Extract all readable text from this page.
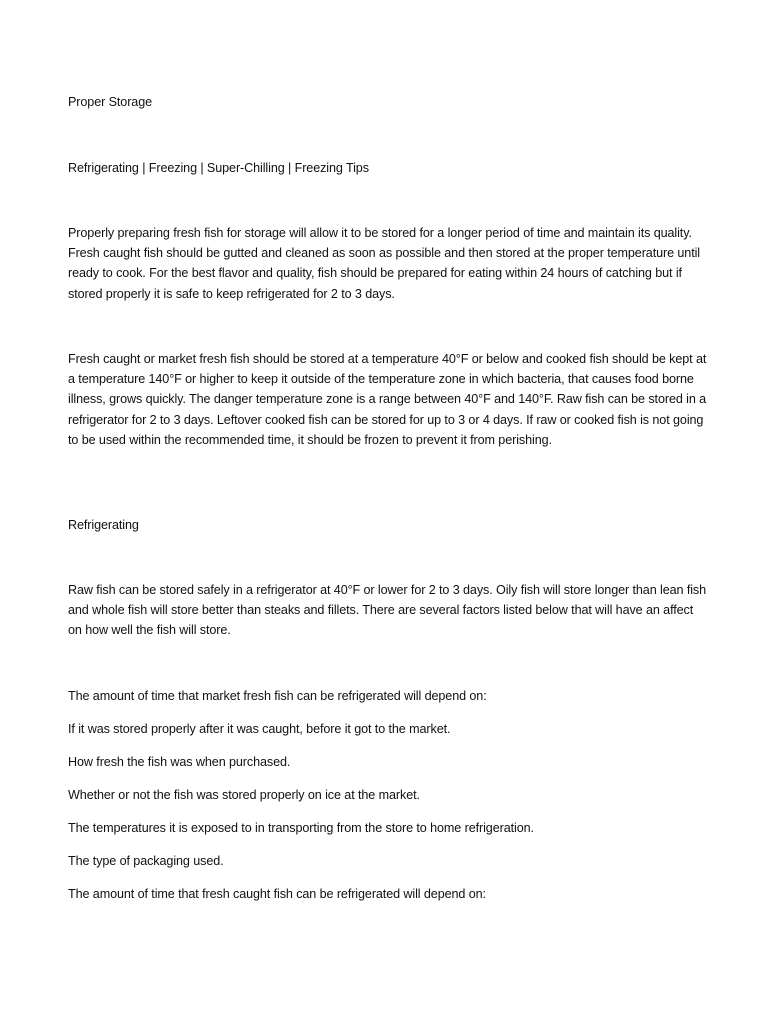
Proper Storage
Refrigerating | Freezing | Super-Chilling | Freezing Tips
Properly preparing fresh fish for storage will allow it to be stored for a longer period of time and maintain its quality. Fresh caught fish should be gutted and cleaned as soon as possible and then stored at the proper temperature until ready to cook. For the best flavor and quality, fish should be prepared for eating within 24 hours of catching but if stored properly it is safe to keep refrigerated for 2 to 3 days.
Fresh caught or market fresh fish should be stored at a temperature 40°F or below and cooked fish should be kept at a temperature 140°F or higher to keep it outside of the temperature zone in which bacteria, that causes food borne illness, grows quickly. The danger temperature zone is a range between 40°F and 140°F. Raw fish can be stored in a refrigerator for 2 to 3 days. Leftover cooked fish can be stored for up to 3 or 4 days. If raw or cooked fish is not going to be used within the recommended time, it should be frozen to prevent it from perishing.
Refrigerating
Raw fish can be stored safely in a refrigerator at 40°F or lower for 2 to 3 days. Oily fish will store longer than lean fish and whole fish will store better than steaks and fillets. There are several factors listed below that will have an affect on how well the fish will store.
The amount of time that market fresh fish can be refrigerated will depend on:
If it was stored properly after it was caught, before it got to the market.
How fresh the fish was when purchased.
Whether or not the fish was stored properly on ice at the market.
The temperatures it is exposed to in transporting from the store to home refrigeration.
The type of packaging used.
The amount of time that fresh caught fish can be refrigerated will depend on:
